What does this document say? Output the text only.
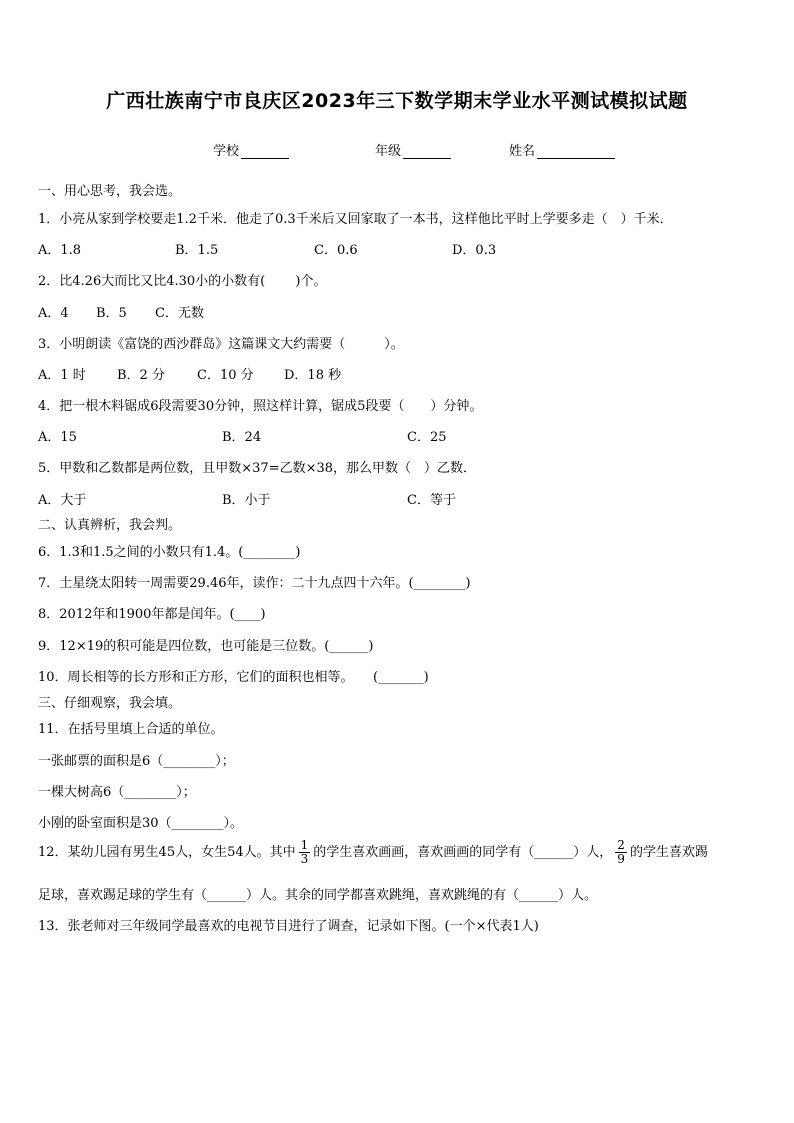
广西壮族南宁市良庆区2023年三下数学期末学业水平测试模拟试题
学校	年级	姓名
一、用心思考，我会选。
1．小亮从家到学校要走1.2千米．他走了0.3千米后又回家取了一本书，这样他比平时上学要多走（　）千米．
A．1.8	B．1.5	C．0.6	D．0.3
2．比4.26大而比又比4.30小的小数有(　　 )个。
A．4 B．5 C．无数
3．小明朗读《富饶的西沙群岛》这篇课文大约需要（　　　）。
A．1 时 B．2 分 C．10 分 D．18 秒
4．把一根木料锯成6段需要30分钟，照这样计算，锯成5段要（　　）分钟。
A．15	B．24	C．25
5．甲数和乙数都是两位数，且甲数×37=乙数×38，那么甲数（　）乙数．
A．大于	B．小于	C．等于
二、认真辨析，我会判。
6．1.3和1.5之间的小数只有1.4。(________)
7．土星绕太阳转一周需要29.46年，读作：二十九点四十六年。(________)
8．2012年和1900年都是闰年。(____)
9．12×19的积可能是四位数，也可能是三位数。(______)
10．周长相等的长方形和正方形，它们的面积也相等。　　(_______)
三、仔细观察，我会填。
11．在括号里填上合适的单位。
一张邮票的面积是6（________）；
一棵大树高6（________）；
小刚的卧室面积是30（________）。
12．某幼儿园有男生45人，女生54人。其中 $\frac{1}{3}$ 的学生喜欢画画，喜欢画画的同学有（______）人， $\frac{2}{9}$ 的学生喜欢踢
足球，喜欢踢足球的学生有（______）人。其余的同学都喜欢跳绳，喜欢跳绳的有（______）人。
13．张老师对三年级同学最喜欢的电视节目进行了调查，记录如下图。(一个×代表1人)
